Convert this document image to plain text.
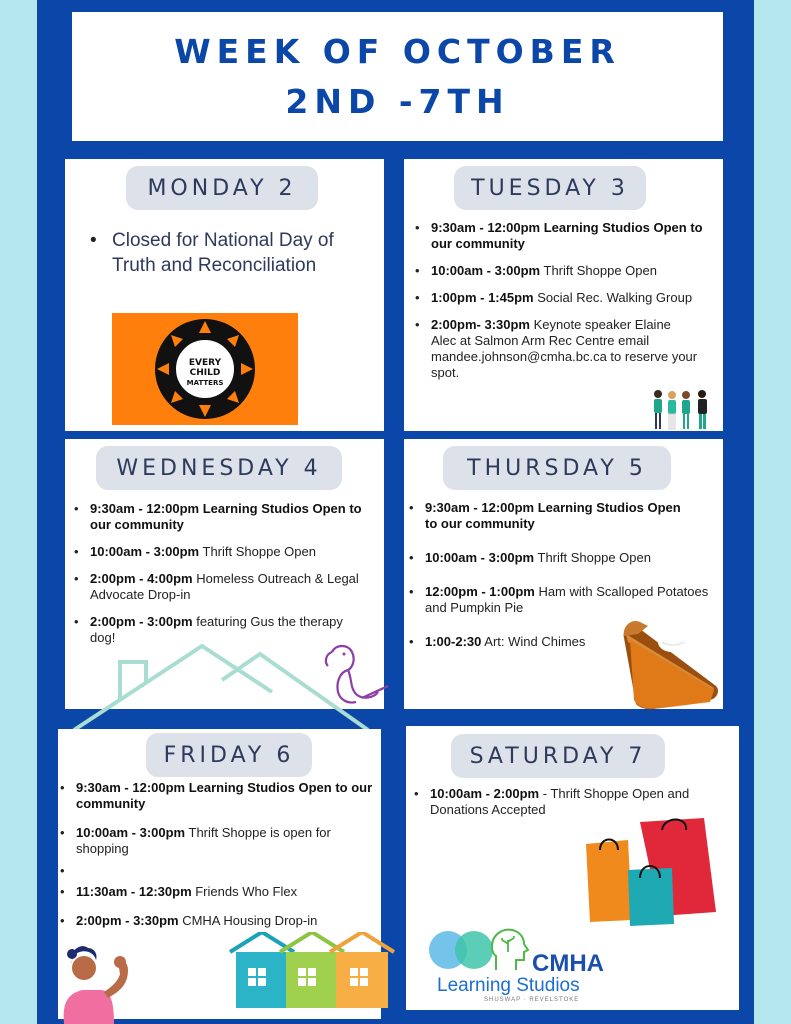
WEEK OF OCTOBER
2ND -7TH
MONDAY 2
• Closed for National Day of Truth and Reconciliation
EVERY
CHILD
MATTERS
TUESDAY 3
• 9:30am - 12:00pm Learning Studios Open to our community
• 10:00am - 3:00pm Thrift Shoppe Open
• 1:00pm - 1:45pm Social Rec. Walking Group
• 2:00pm- 3:30pm Keynote speaker Elaine Alec at Salmon Arm Rec Centre email mandee.johnson@cmha.bc.ca to reserve your spot.
WEDNESDAY 4
• 9:30am - 12:00pm Learning Studios Open to our community
• 10:00am - 3:00pm Thrift Shoppe Open
• 2:00pm - 4:00pm Homeless Outreach & Legal Advocate Drop-in
• 2:00pm - 3:00pm featuring Gus the therapy dog!
THURSDAY 5
• 9:30am - 12:00pm Learning Studios Open to our community
• 10:00am - 3:00pm Thrift Shoppe Open
• 12:00pm - 1:00pm Ham with Scalloped Potatoes and Pumpkin Pie
• 1:00-2:30 Art: Wind Chimes
FRIDAY 6
• 9:30am - 12:00pm Learning Studios Open to our community
• 10:00am - 3:00pm Thrift Shoppe is open for shopping
•
• 11:30am - 12:30pm Friends Who Flex
• 2:00pm - 3:30pm CMHA Housing Drop-in
SATURDAY 7
• 10:00am - 2:00pm - Thrift Shoppe Open and Donations Accepted
CMHA
Learning Studios
SHUSWAP · REVELSTOKE
